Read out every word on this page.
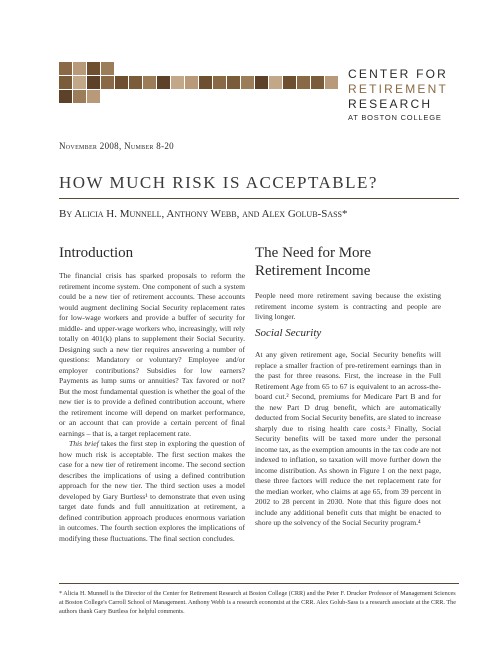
CENTER FOR
RETIREMENT
RESEARCH
AT BOSTON COLLEGE
November 2008, Number 8-20
HOW MUCH RISK IS ACCEPTABLE?
By Alicia H. Munnell, Anthony Webb, and Alex Golub-Sass*
Introduction

The financial crisis has sparked proposals to reform the retirement income system. One component of such a system could be a new tier of retirement accounts. These accounts would augment declining Social Security replacement rates for low-wage workers and provide a buffer of security for middle- and upper-wage workers who, increasingly, will rely totally on 401(k) plans to supplement their Social Security. Designing such a new tier requires answering a number of questions: Mandatory or voluntary? Employee and/or employer contributions? Subsidies for low earners? Payments as lump sums or annuities? Tax favored or not? But the most fundamental question is whether the goal of the new tier is to provide a defined contribution account, where the retirement income will depend on market performance, or an account that can provide a certain percent of final earnings – that is, a target replacement rate.

This brief takes the first step in exploring the question of how much risk is acceptable. The first section makes the case for a new tier of retirement income. The second section describes the implications of using a defined contribution approach for the new tier. The third section uses a model developed by Gary Burtless¹ to demonstrate that even using target date funds and full annuitization at retirement, a defined contribution approach produces enormous variation in outcomes. The fourth section explores the implications of modifying these fluctuations. The final section concludes.

The Need for More Retirement Income
People need more retirement saving because the existing retirement income system is contracting and people are living longer.
Social Security
At any given retirement age, Social Security benefits will replace a smaller fraction of pre-retirement earnings than in the past for three reasons. First, the increase in the Full Retirement Age from 65 to 67 is equivalent to an across-the-board cut.² Second, premiums for Medicare Part B and for the new Part D drug benefit, which are automatically deducted from Social Security benefits, are slated to increase sharply due to rising health care costs.³ Finally, Social Security benefits will be taxed more under the personal income tax, as the exemption amounts in the tax code are not indexed to inflation, so taxation will move further down the income distribution. As shown in Figure 1 on the next page, these three factors will reduce the net replacement rate for the median worker, who claims at age 65, from 39 percent in 2002 to 28 percent in 2030. Note that this figure does not include any additional benefit cuts that might be enacted to shore up the solvency of the Social Security program.⁴
* Alicia H. Munnell is the Director of the Center for Retirement Research at Boston College (CRR) and the Peter F. Drucker Professor of Management Sciences at Boston College's Carroll School of Management. Anthony Webb is a research economist at the CRR. Alex Golub-Sass is a research associate at the CRR. The authors thank Gary Burtless for helpful comments.
